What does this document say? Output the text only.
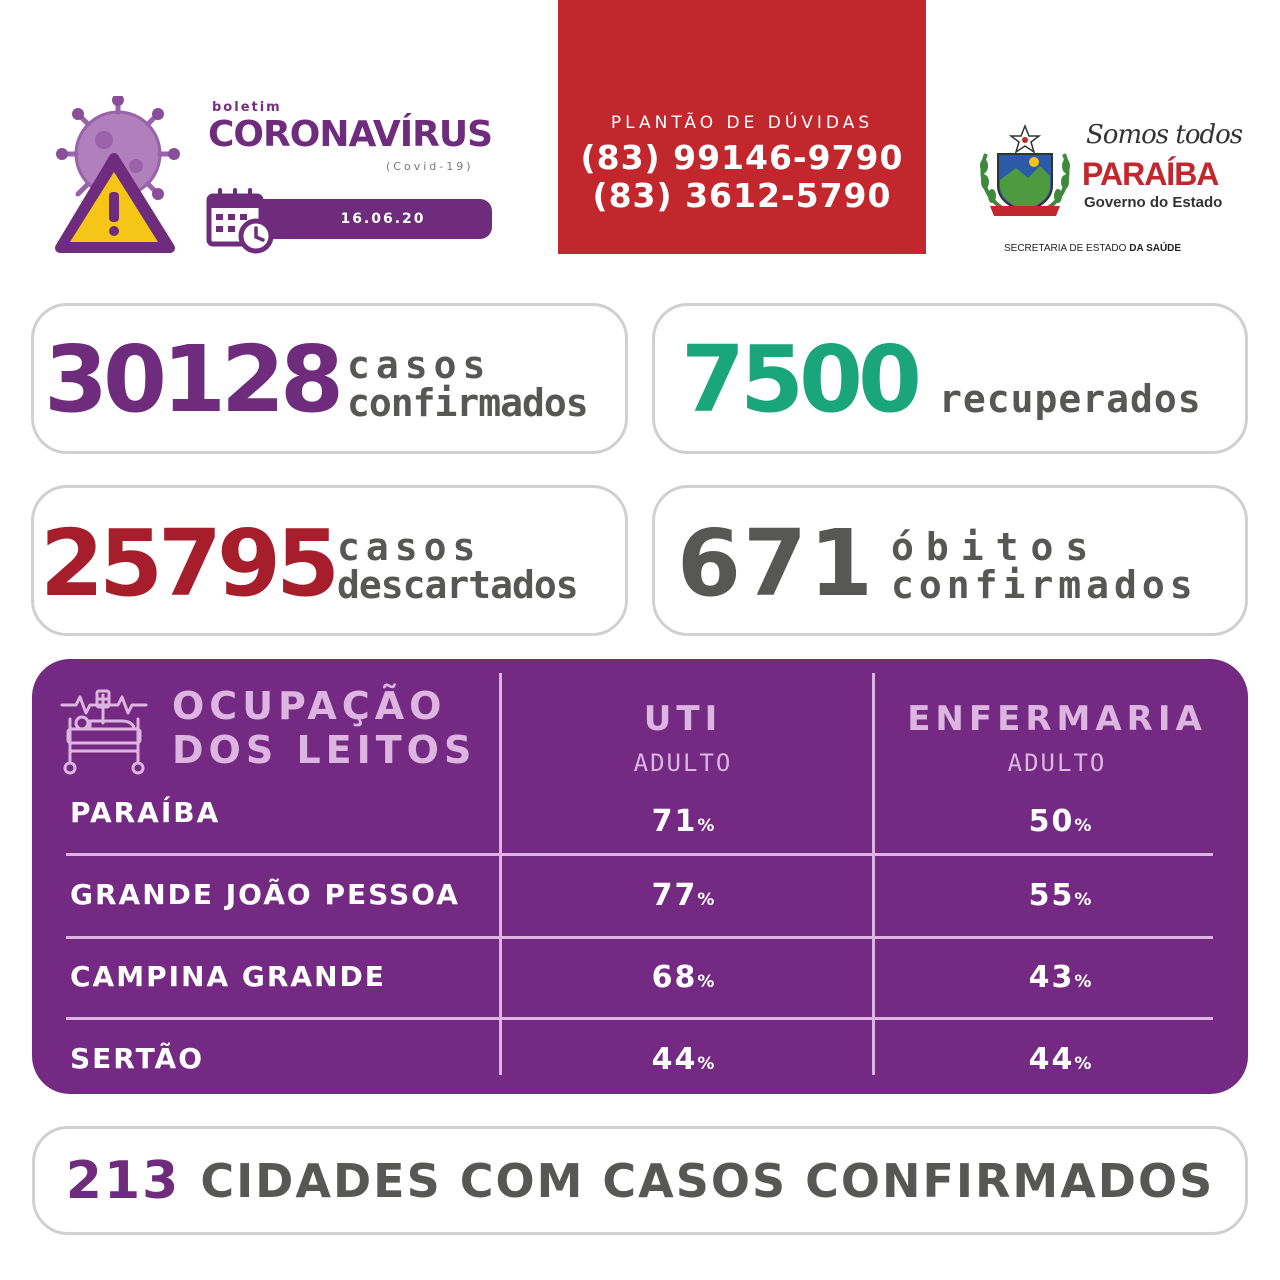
boletim
CORONAVÍRUS
(Covid-19)
16.06.20
PLANTÃO DE DÚVIDAS
(83) 99146-9790
(83) 3612-5790
Somos todos
PARAÍBA
Governo do Estado
SECRETARIA DE ESTADO DA SAÚDE
30128 casos
confirmados 7500 recuperados
25795 casos
descartados 671 óbitos
confirmados
OCUPAÇÃO
DOS LEITOS
UTI
ADULTO
ENFERMARIA
ADULTO
PARAÍBA	71%	50%
GRANDE JOÃO PESSOA	77%	55%
CAMPINA GRANDE	68%	43%
SERTÃO	44%	44%
213 CIDADES COM CASOS CONFIRMADOS
